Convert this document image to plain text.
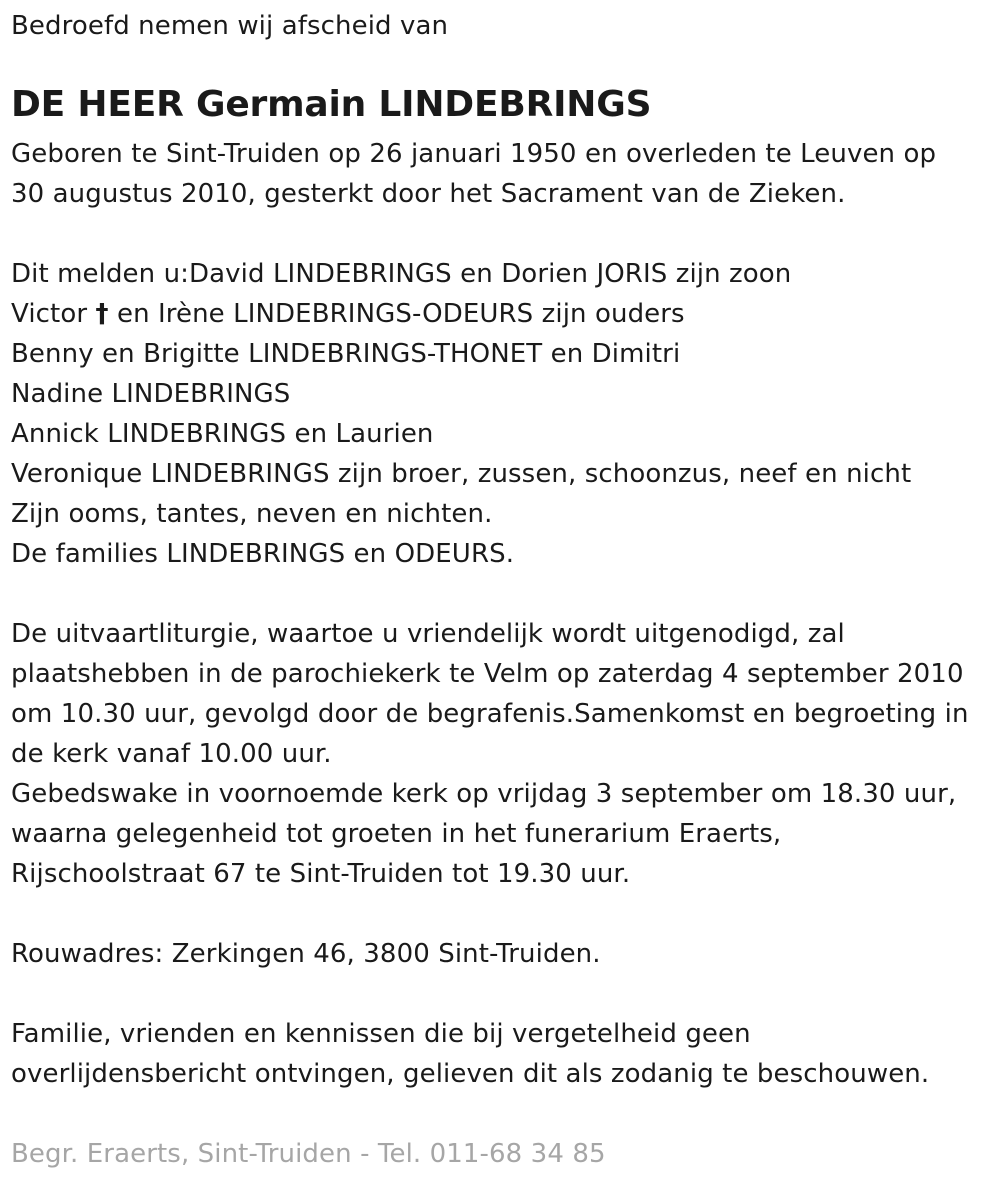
Bedroefd nemen wij afscheid van
DE HEER Germain LINDEBRINGS
Geboren te Sint-Truiden op 26 januari 1950 en overleden te Leuven op
30 augustus 2010, gesterkt door het Sacrament van de Zieken.
Dit melden u:David LINDEBRINGS en Dorien JORIS zijn zoon
Victor † en Irène LINDEBRINGS-ODEURS zijn ouders
Benny en Brigitte LINDEBRINGS-THONET en Dimitri
Nadine LINDEBRINGS
Annick LINDEBRINGS en Laurien
Veronique LINDEBRINGS zijn broer, zussen, schoonzus, neef en nicht
Zijn ooms, tantes, neven en nichten.
De families LINDEBRINGS en ODEURS.
De uitvaartliturgie, waartoe u vriendelijk wordt uitgenodigd, zal
plaatshebben in de parochiekerk te Velm op zaterdag 4 september 2010
om 10.30 uur, gevolgd door de begrafenis.Samenkomst en begroeting in
de kerk vanaf 10.00 uur.
Gebedswake in voornoemde kerk op vrijdag 3 september om 18.30 uur,
waarna gelegenheid tot groeten in het funerarium Eraerts,
Rijschoolstraat 67 te Sint-Truiden tot 19.30 uur.
Rouwadres: Zerkingen 46, 3800 Sint-Truiden.
Familie, vrienden en kennissen die bij vergetelheid geen
overlijdensbericht ontvingen, gelieven dit als zodanig te beschouwen.
Begr. Eraerts, Sint-Truiden - Tel. 011-68 34 85
